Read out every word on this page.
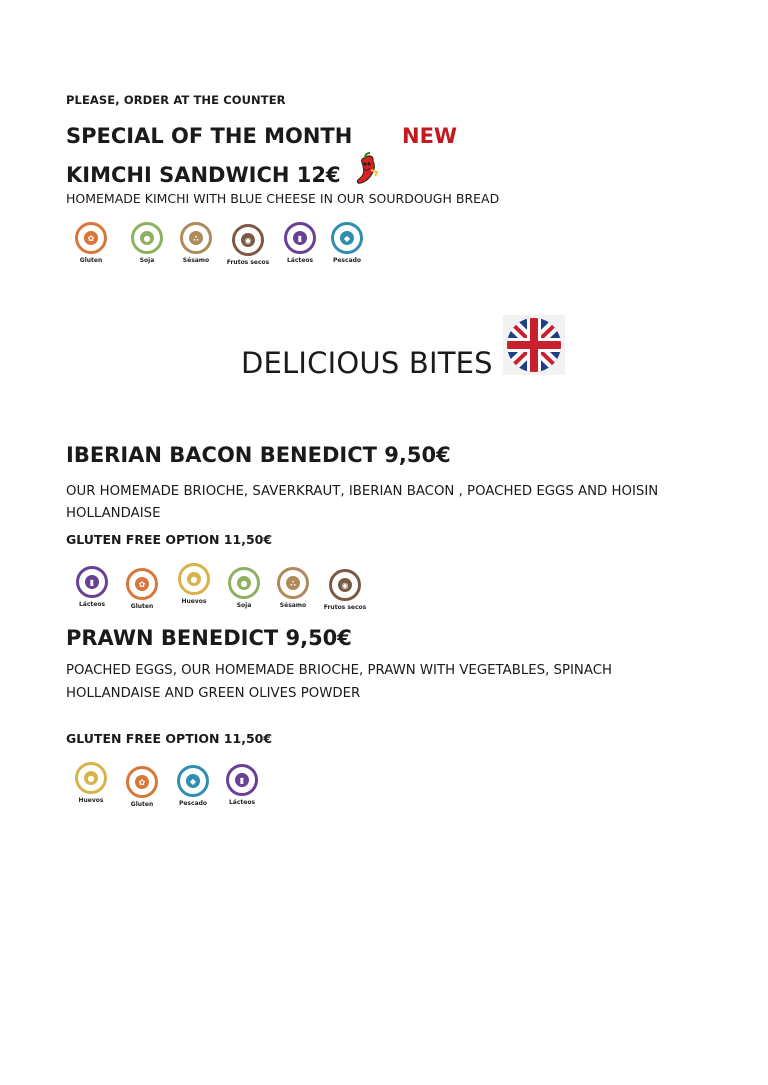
PLEASE, ORDER AT THE COUNTER
SPECIAL OF THE MONTH NEW
KIMCHI SANDWICH 12€
HOMEMADE KIMCHI WITH BLUE CHEESE IN OUR SOURDOUGH BREAD
✿
Gluten
●
Soja
∴
Sésamo
◉
Frutos secos
▮
Lácteos
◆
Pescado
DELICIOUS BITES
IBERIAN BACON BENEDICT 9,50€
OUR HOMEMADE BRIOCHE, SAVERKRAUT, IBERIAN BACON , POACHED EGGS AND HOISIN HOLLANDAISE
GLUTEN FREE OPTION 11,50€
▮
Lácteos
✿
Gluten
●
Huevos
●
Soja
∴
Sésamo
◉
Frutos secos
PRAWN BENEDICT 9,50€
POACHED EGGS, OUR HOMEMADE BRIOCHE, PRAWN WITH VEGETABLES, SPINACH HOLLANDAISE AND GREEN OLIVES POWDER
GLUTEN FREE OPTION 11,50€
●
Huevos
✿
Gluten
◆
Pescado
▮
Lácteos
